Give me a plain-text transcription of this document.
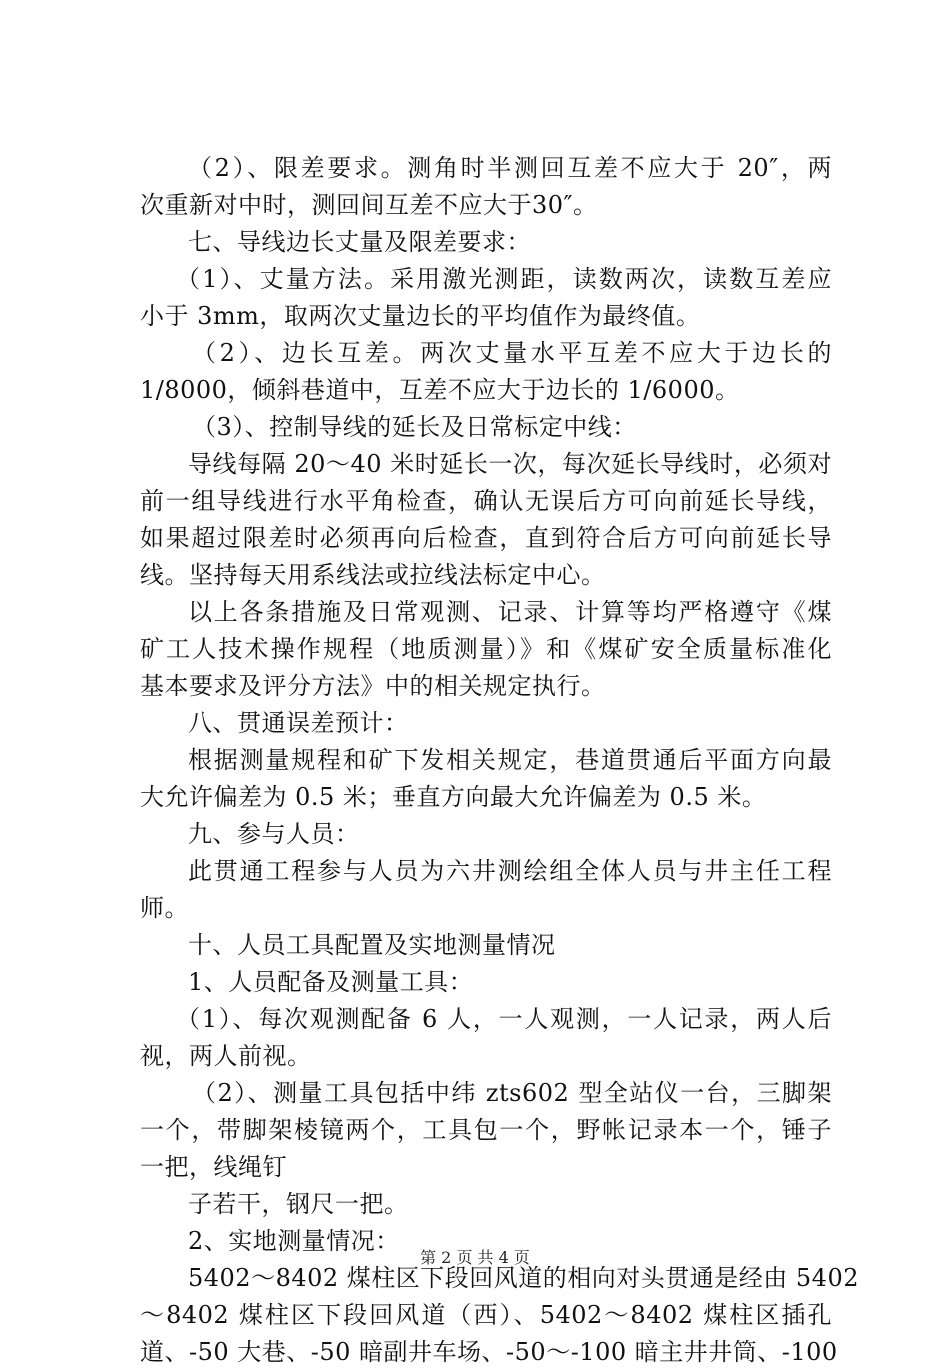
（2）、限差要求。测角时半测回互差不应大于 20″，两
次重新对中时，测回间互差不应大于30″。
七、导线边长丈量及限差要求：
（1）、丈量方法。采用激光测距，读数两次，读数互差应
小于 3mm，取两次丈量边长的平均值作为最终值。
（2）、边长互差。两次丈量水平互差不应大于边长的
1/8000，倾斜巷道中，互差不应大于边长的 1/6000。
（3）、控制导线的延长及日常标定中线：
导线每隔 20～40 米时延长一次，每次延长导线时，必须对
前一组导线进行水平角检查，确认无误后方可向前延长导线，
如果超过限差时必须再向后检查，直到符合后方可向前延长导
线。坚持每天用系线法或拉线法标定中心。
以上各条措施及日常观测、记录、计算等均严格遵守《煤
矿工人技术操作规程（地质测量）》和《煤矿安全质量标准化
基本要求及评分方法》中的相关规定执行。
八、贯通误差预计：
根据测量规程和矿下发相关规定，巷道贯通后平面方向最
大允许偏差为 0.5 米；垂直方向最大允许偏差为 0.5 米。
九、参与人员：
此贯通工程参与人员为六井测绘组全体人员与井主任工程
师。
十、人员工具配置及实地测量情况
1、人员配备及测量工具：
（1）、每次观测配备 6 人，一人观测，一人记录，两人后
视，两人前视。
（2）、测量工具包括中纬 zts602 型全站仪一台，三脚架
一个，带脚架棱镜两个，工具包一个，野帐记录本一个，锤子
一把，线绳钉
子若干，钢尺一把。
2、实地测量情况：
5402～8402 煤柱区下段回风道的相向对头贯通是经由 5402
～8402 煤柱区下段回风道（西）、5402～8402 煤柱区插孔
道、-50 大巷、-50 暗副井车场、-50～-100 暗主井井筒、-100
第 2 页 共 4 页
